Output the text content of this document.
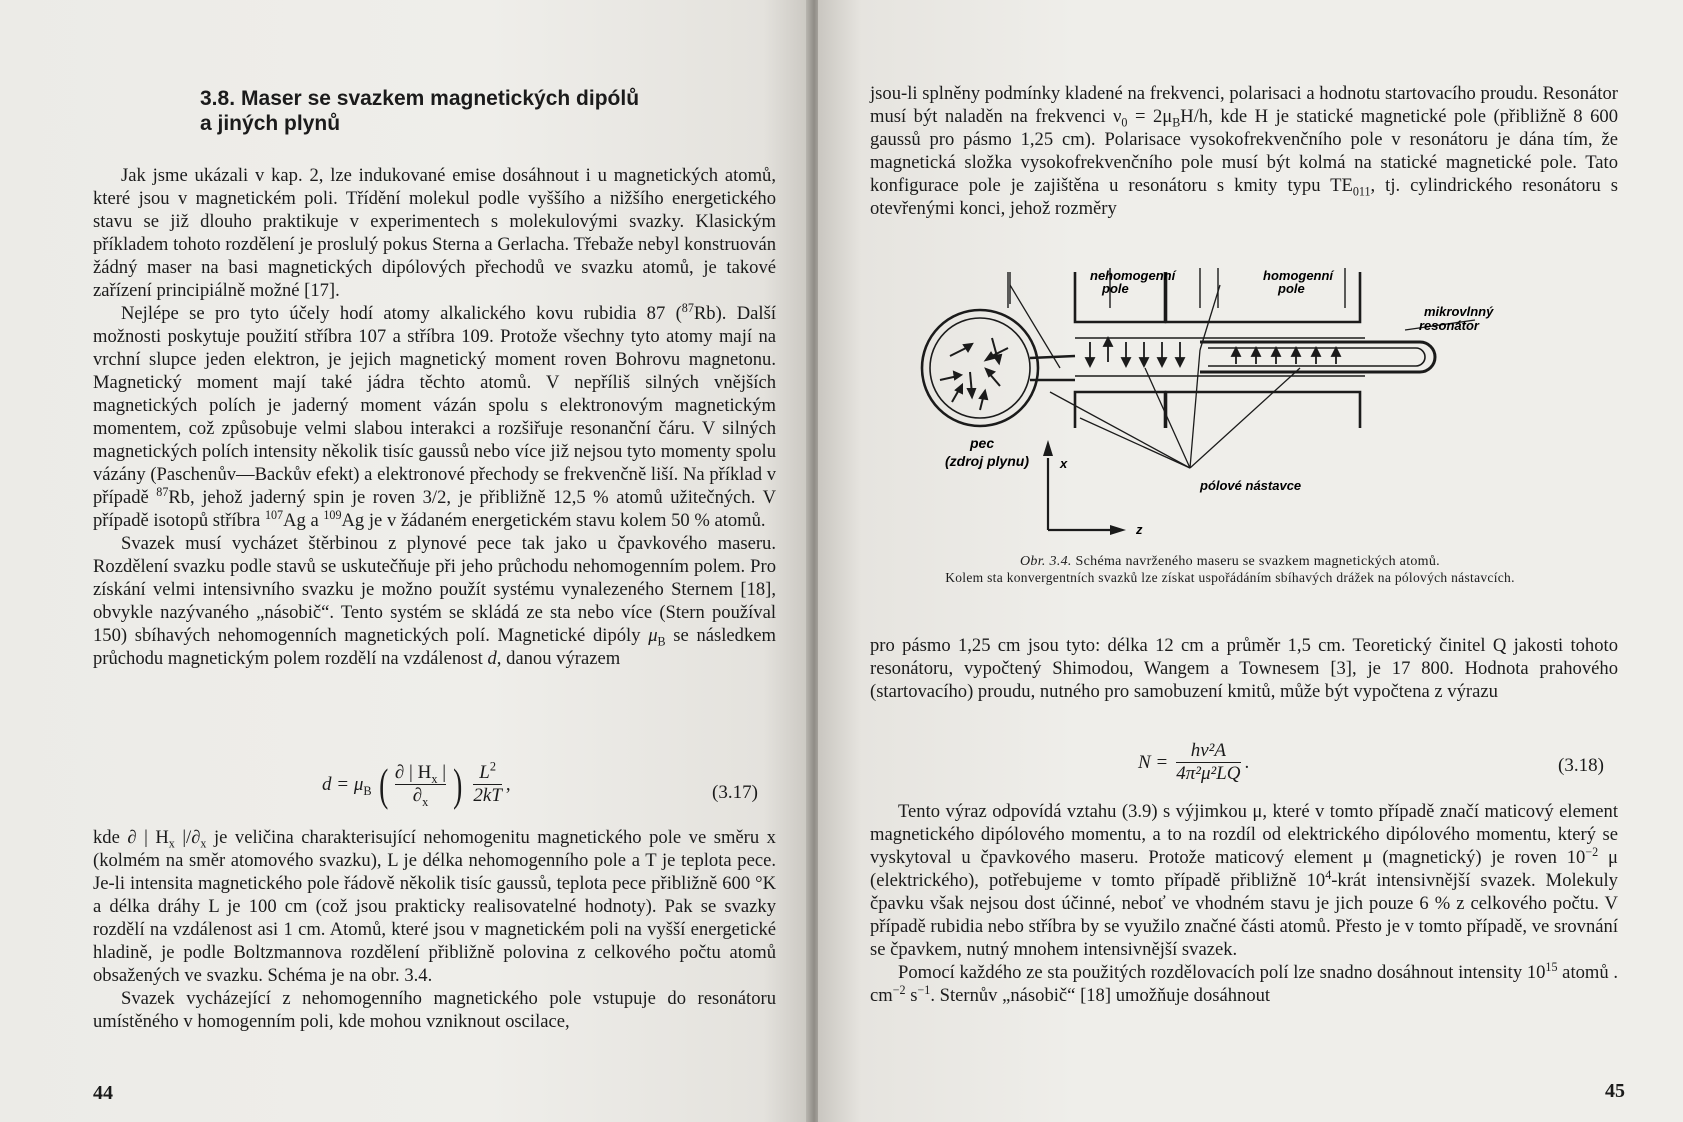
3.8. Maser se svazkem magnetických dipólů
a jiných plynů

Jak jsme ukázali v kap. 2, lze indukované emise dosáhnout i u magnetických atomů, které jsou v magnetickém poli. Třídění molekul podle vyššího a nižšího energetického stavu se již dlouho praktikuje v experimentech s molekulovými svazky. Klasickým příkladem tohoto rozdělení je proslulý pokus Sterna a Gerlacha. Třebaže nebyl konstruován žádný maser na basi magnetických dipólových přechodů ve svazku atomů, je takové zařízení principiálně možné [17].

Nejlépe se pro tyto účely hodí atomy alkalického kovu rubidia 87 ($^{87}$Rb). Další možnosti poskytuje použití stříbra 107 a stříbra 109. Protože všechny tyto atomy mají na vrchní slupce jeden elektron, je jejich magnetický moment roven Bohrovu magnetonu. Magnetický moment mají také jádra těchto atomů. V nepříliš silných vnějších magnetických polích je jaderný moment vázán spolu s elektronovým magnetickým momentem, což způsobuje velmi slabou interakci a rozšiřuje resonanční čáru. V silných magnetických polích intensity několik tisíc gaussů nebo více již nejsou tyto momenty spolu vázány (Paschenův—Backův efekt) a elektronové přechody se frekvenčně liší. Na příklad v případě $^{87}$Rb, jehož jaderný spin je roven 3/2, je přibližně 12,5 % atomů užitečných. V případě isotopů stříbra $^{107}$Ag a $^{109}$Ag je v žádaném energetickém stavu kolem 50 % atomů.

Svazek musí vycházet štěrbinou z plynové pece tak jako u čpavkového maseru. Rozdělení svazku podle stavů se uskutečňuje při jeho průchodu nehomogenním polem. Pro získání velmi intensivního svazku je možno použít systému vynalezeného Sternem [18], obvykle nazývaného „násobič“. Tento systém se skládá ze sta nebo více (Stern používal 150) sbíhavých nehomogenních magnetických polí. Magnetické dipóly $\mu_B$ se následkem průchodu magnetickým polem rozdělí na vzdálenost d, danou výrazem

$d = \mu_B$ ( $\frac{\partial | H_x |}{\partial_x}$ ) $\frac{L^2}{2kT}$ ,	(3.17)

kde ∂ | $H_x$ $|/\partial_x$ je veličina charakterisující nehomogenitu magnetického pole ve směru x (kolmém na směr atomového svazku), L je délka nehomogenního pole a T je teplota pece. Je-li intensita magnetického pole řádově několik tisíc gaussů, teplota pece přibližně 600 °K a délka dráhy L je 100 cm (což jsou prakticky realisovatelné hodnoty). Pak se svazky rozdělí na vzdálenost asi 1 cm. Atomů, které jsou v magnetickém poli na vyšší energetické hladině, je podle Boltzmannova rozdělení přibližně polovina z celkového počtu atomů obsažených ve svazku. Schéma je na obr. 3.4.

Svazek vycházející z nehomogenního magnetického pole vstupuje do resonátoru umístěného v homogenním poli, kde mohou vzniknout oscilace,

44

jsou-li splněny podmínky kladené na frekvenci, polarisaci a hodnotu startovacího proudu. Resonátor musí být naladěn na frekvenci $\nu_0 = 2\mu_BH/h$, kde H je statické magnetické pole (přibližně 8 600 gaussů pro pásmo 1,25 cm). Polarisace vysokofrekvenčního pole v resonátoru je dána tím, že magnetická složka vysokofrekvenčního pole musí být kolmá na statické magnetické pole. Tato konfigurace pole je zajištěna u resonátoru s kmity typu $TE_{011}$, tj. cylindrického resonátoru s otevřenými konci, jehož rozměry

pro pásmo 1,25 cm jsou tyto: délka 12 cm a průměr 1,5 cm. Teoretický činitel Q jakosti tohoto resonátoru, vypočtený Shimodou, Wangem a Townesem [3], je 17 800. Hodnota prahového (startovacího) proudu, nutného pro samobuzení kmitů, může být vypočtena z výrazu

$N = \frac{\text{hν²A}}{\text{4π²μ²LQ}}$ .	(3.18)

Tento výraz odpovídá vztahu (3.9) s výjimkou μ, které v tomto případě značí maticový element magnetického dipólového momentu, a to na rozdíl od elektrického dipólového momentu, který se vyskytoval u čpavkového maseru. Protože maticový element μ (magnetický) je roven $10^{-2}$ μ (elektrického), potřebujeme v tomto případě přibližně $10^4$-krát intensivnější svazek. Molekuly čpavku však nejsou dost účinné, neboť ve vhodném stavu je jich pouze 6 % z celkového počtu. V případě rubidia nebo stříbra by se využilo značné části atomů. Přesto je v tomto případě, ve srovnání se čpavkem, nutný mnohem intensivnější svazek.

Pomocí každého ze sta použitých rozdělovacích polí lze snadno dosáhnout intensity $10^{15}$ atomů . $cm^{-2}$ $s^{-1}$. Sternův „násobič“ [18] umožňuje dosáhnout

45
nehomogenní
pole
homogenní
pole
mikrovlnný
resonátor
pec
(zdroj plynu)
pólové nástavce
x
z
Obr. 3.4. Schéma navrženého maseru se svazkem magnetických atomů.
Kolem sta konvergentních svazků lze získat uspořádáním sbíhavých drážek na pólových nástavcích.
